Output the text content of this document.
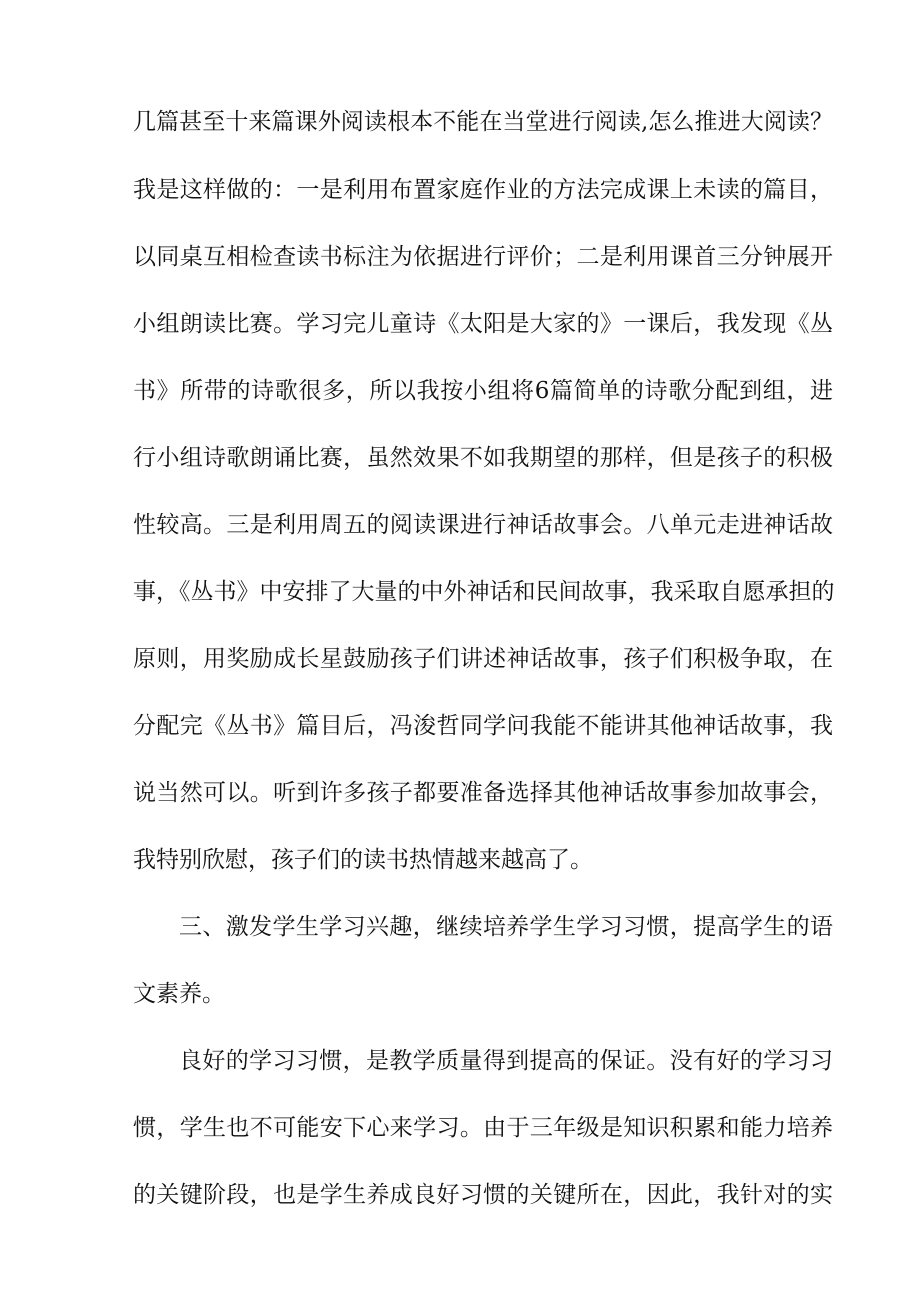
几篇甚至十来篇课外阅读根本不能在当堂进行阅读,怎么推进大阅读？
我是这样做的：一是利用布置家庭作业的方法完成课上未读的篇目，
以同桌互相检查读书标注为依据进行评价；二是利用课首三分钟展开
小组朗读比赛。学习完儿童诗《太阳是大家的》一课后，我发现《丛
书》所带的诗歌很多，所以我按小组将6篇简单的诗歌分配到组，进
行小组诗歌朗诵比赛，虽然效果不如我期望的那样，但是孩子的积极
性较高。三是利用周五的阅读课进行神话故事会。八单元走进神话故
事，《丛书》中安排了大量的中外神话和民间故事，我采取自愿承担的
原则，用奖励成长星鼓励孩子们讲述神话故事，孩子们积极争取，在
分配完《丛书》篇目后，冯浚哲同学问我能不能讲其他神话故事，我
说当然可以。听到许多孩子都要准备选择其他神话故事参加故事会，
我特别欣慰，孩子们的读书热情越来越高了。
三、激发学生学习兴趣，继续培养学生学习习惯，提高学生的语
文素养。
良好的学习习惯，是教学质量得到提高的保证。没有好的学习习
惯，学生也不可能安下心来学习。由于三年级是知识积累和能力培养
的关键阶段，也是学生养成良好习惯的关键所在，因此，我针对的实
